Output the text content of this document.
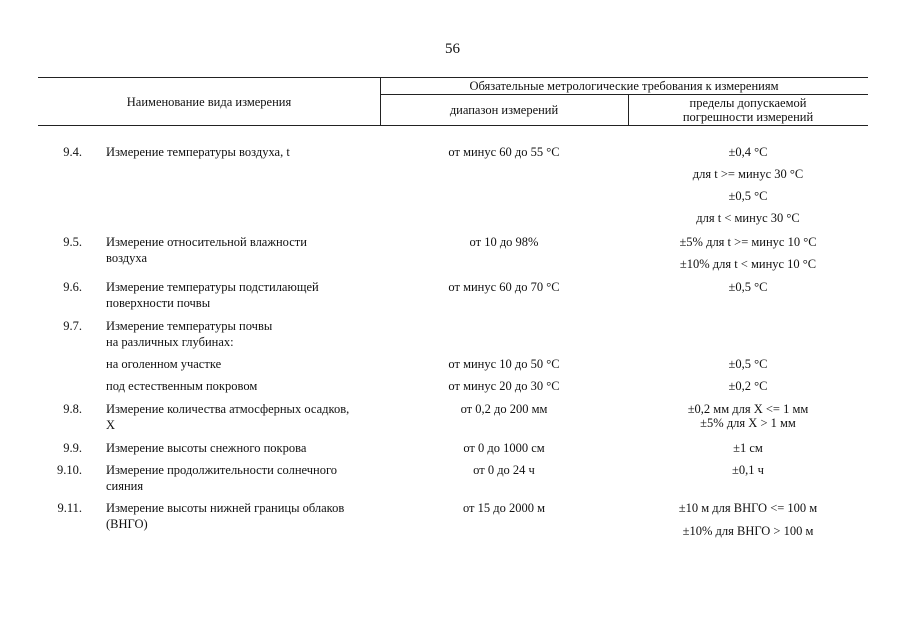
56
Наименование вида измерения
Обязательные метрологические требования к измерениям
диапазон измерений	пределы допускаемой
погрешности измерений
9.4. Измерение температуры воздуха, t	от минус 60 до 55 °С	±0,4 °С
для t >= минус 30 °С
±0,5 °С
для t < минус 30 °С
9.5. Измерение относительной влажности
воздуха
от 10 до 98%	±5% для t >= минус 10 °С
±10% для t < минус 10 °С
9.6. Измерение температуры подстилающей
поверхности почвы
от минус 60 до 70 °С	±0,5 °С
9.7. Измерение температуры почвы
на различных глубинах:
на оголенном участке	от минус 10 до 50 °С	±0,5 °С
под естественным покровом	от минус 20 до 30 °С	±0,2 °С
9.8. Измерение количества атмосферных осадков,
X
от 0,2 до 200 мм	±0,2 мм для X <= 1 мм
±5% для X > 1 мм
9.9. Измерение высоты снежного покрова	от 0 до 1000 см	±1 см
9.10. Измерение продолжительности солнечного
сияния
от 0 до 24 ч	±0,1 ч
9.11. Измерение высоты нижней границы облаков
(ВНГО)
от 15 до 2000 м	±10 м для ВНГО <= 100 м
±10% для ВНГО > 100 м
